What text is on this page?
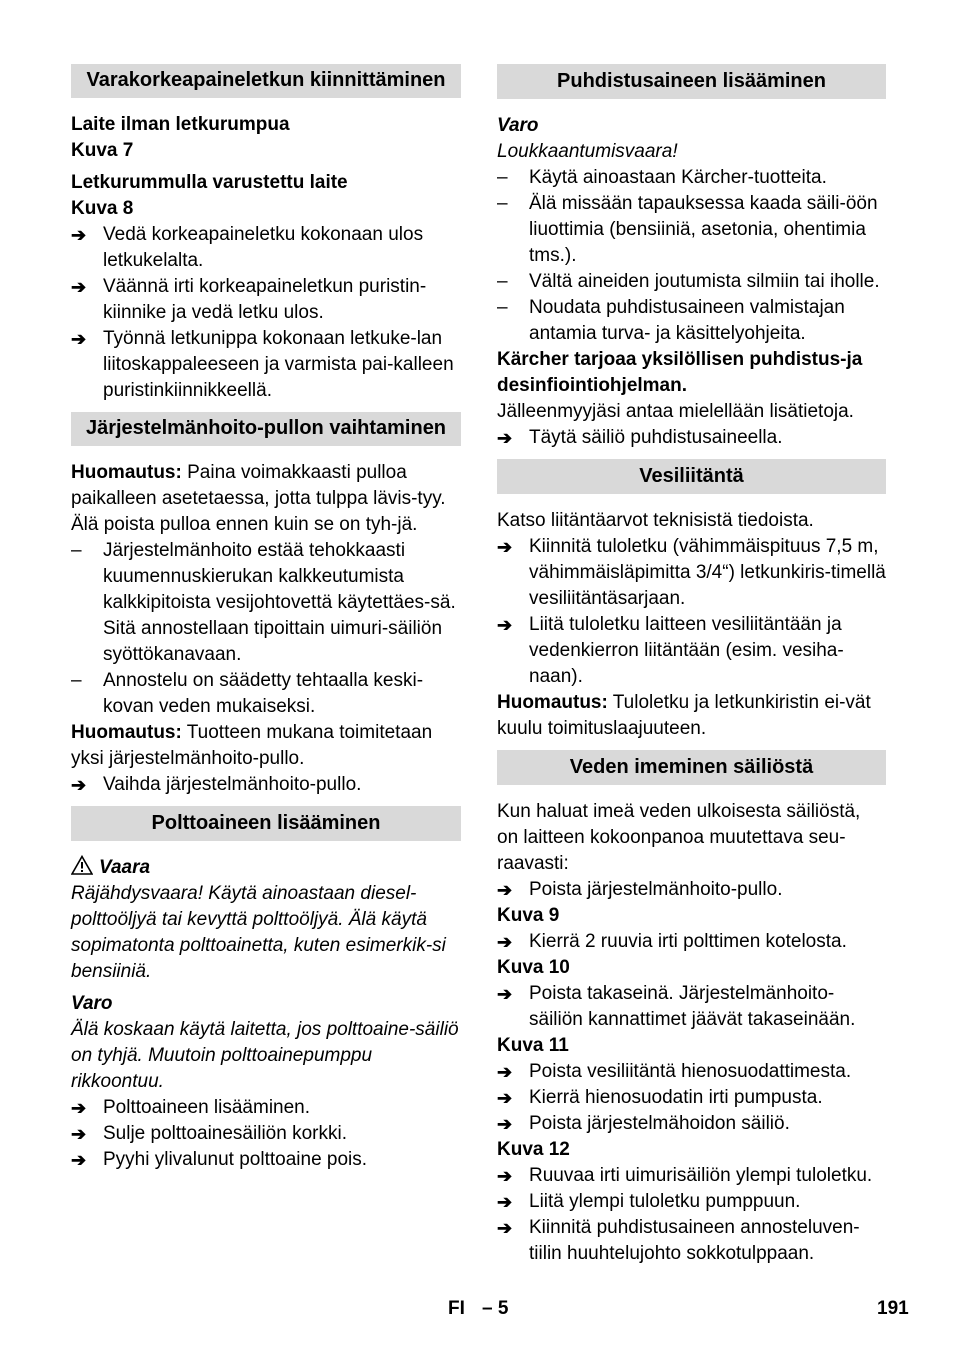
Varakorkeapaineletkun kiinnittäminen

Laite ilman letkurumpua

Kuva 7

Letkurummulla varustettu laite

Kuva 8

➔ Vedä korkeapaineletku kokonaan ulos letkukelalta.
➔ Väännä irti korkeapaineletkun puristin-kiinnike ja vedä letku ulos.
➔ Työnnä letkunippa kokonaan letkuke-lan liitoskappaleeseen ja varmista pai-kalleen puristinkiinnikkeellä.
Järjestelmänhoito-pullon vaihtaminen

Huomautus: Paina voimakkaasti pulloa paikalleen asetetaessa, jotta tulppa lävis-tyy. Älä poista pulloa ennen kuin se on tyh-jä.

–	Järjestelmänhoito estää tehokkaasti kuumennuskierukan kalkkeutumista kalkkipitoista vesijohtovettä käytettäes-sä. Sitä annostellaan tipoittain uimuri-säiliön syöttökanavaan.
–	Annostelu on säädetty tehtaalla keski-kovan veden mukaiseksi.

Huomautus: Tuotteen mukana toimitetaan yksi järjestelmänhoito-pullo.

➔ Vaihda järjestelmänhoito-pullo.
Polttoaineen lisääminen

Vaara

Räjähdysvaara! Käytä ainoastaan diesel-polttoöljyä tai kevyttä polttoöljyä. Älä käytä sopimatonta polttoainetta, kuten esimerkik-si bensiiniä.

Varo

Älä koskaan käytä laitetta, jos polttoaine-säiliö on tyhjä. Muutoin polttoainepumppu rikkoontuu.

➔ Polttoaineen lisääminen.
➔ Sulje polttoainesäiliön korkki.
➔ Pyyhi ylivalunut polttoaine pois.
Puhdistusaineen lisääminen

Varo

Loukkaantumisvaara!

–	Käytä ainoastaan Kärcher-tuotteita.
–	Älä missään tapauksessa kaada säili-öön liuottimia (bensiiniä, asetonia, ohentimia tms.).
–	Vältä aineiden joutumista silmiin tai iholle.
–	Noudata puhdistusaineen valmistajan antamia turva- ja käsittelyohjeita.

Kärcher tarjoaa yksilöllisen puhdistus-ja desinfiointiohjelman.

Jälleenmyyjäsi antaa mielellään lisätietoja.

➔ Täytä säiliö puhdistusaineella.
Vesiliitäntä

Katso liitäntäarvot teknisistä tiedoista.

➔ Kiinnitä tuloletku (vähimmäispituus 7,5 m, vähimmäisläpimitta 3/4“) letkunkiris-timellä vesiliitäntäsarjaan.
➔ Liitä tuloletku laitteen vesiliitäntään ja vedenkierron liitäntään (esim. vesiha-naan).

Huomautus: Tuloletku ja letkunkiristin ei-vät kuulu toimituslaajuuteen.

Veden imeminen säiliöstä

Kun haluat imeä veden ulkoisesta säiliöstä, on laitteen kokoonpanoa muutettava seu-raavasti:

➔ Poista järjestelmänhoito-pullo.

Kuva 9

➔ Kierrä 2 ruuvia irti polttimen kotelosta.

Kuva 10

➔ Poista takaseinä. Järjestelmänhoito-säiliön kannattimet jäävät takaseinään.

Kuva 11

➔ Poista vesiliitäntä hienosuodattimesta.
➔ Kierrä hienosuodatin irti pumpusta.
➔ Poista järjestelmähoidon säiliö.

Kuva 12

➔ Ruuvaa irti uimurisäiliön ylempi tuloletku.
➔ Liitä ylempi tuloletku pumppuun.
➔ Kiinnitä puhdistusaineen annosteluven-tiilin huuhtelujohto sokkotulppaan.
FI – 5	191
